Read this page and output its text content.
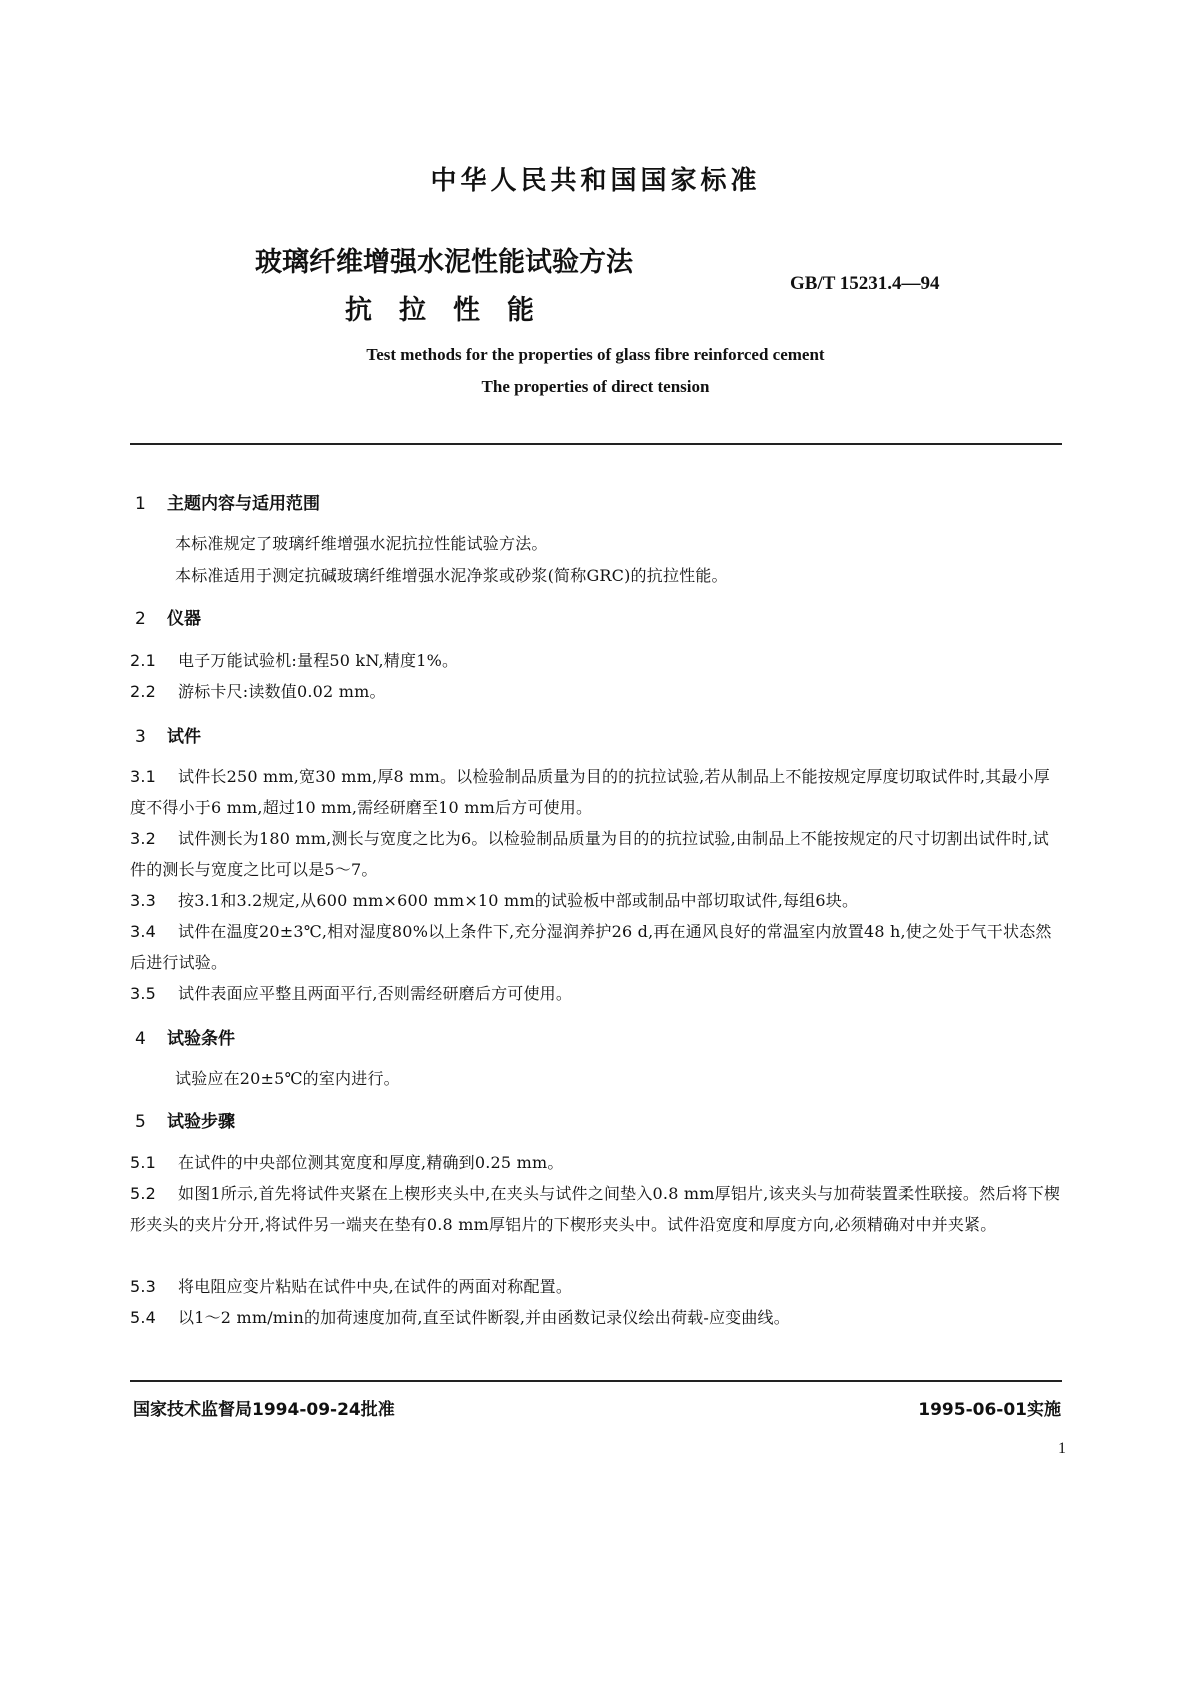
中华人民共和国国家标准
玻璃纤维增强水泥性能试验方法
抗　拉　性　能
GB/T 15231.4—94
Test methods for the properties of glass fibre reinforced cement
The properties of direct tension
1 主题内容与适用范围
本标准规定了玻璃纤维增强水泥抗拉性能试验方法。
本标准适用于测定抗碱玻璃纤维增强水泥净浆或砂浆(简称GRC)的抗拉性能。
2 仪器
2.1 电子万能试验机:量程50 kN,精度1%。
2.2 游标卡尺:读数值0.02 mm。
3 试件
3.1 试件长250 mm,宽30 mm,厚8 mm。以检验制品质量为目的的抗拉试验,若从制品上不能按规定厚度切取试件时,其最小厚度不得小于6 mm,超过10 mm,需经研磨至10 mm后方可使用。
3.2 试件测长为180 mm,测长与宽度之比为6。以检验制品质量为目的的抗拉试验,由制品上不能按规定的尺寸切割出试件时,试件的测长与宽度之比可以是5～7。
3.3 按3.1和3.2规定,从600 mm×600 mm×10 mm的试验板中部或制品中部切取试件,每组6块。
3.4 试件在温度20±3℃,相对湿度80%以上条件下,充分湿润养护26 d,再在通风良好的常温室内放置48 h,使之处于气干状态然后进行试验。
3.5 试件表面应平整且两面平行,否则需经研磨后方可使用。
4 试验条件
试验应在20±5℃的室内进行。
5 试验步骤
5.1 在试件的中央部位测其宽度和厚度,精确到0.25 mm。
5.2 如图1所示,首先将试件夹紧在上楔形夹头中,在夹头与试件之间垫入0.8 mm厚铝片,该夹头与加荷装置柔性联接。然后将下楔形夹头的夹片分开,将试件另一端夹在垫有0.8 mm厚铝片的下楔形夹头中。试件沿宽度和厚度方向,必须精确对中并夹紧。
5.3 将电阻应变片粘贴在试件中央,在试件的两面对称配置。
5.4 以1～2 mm/min的加荷速度加荷,直至试件断裂,并由函数记录仪绘出荷载-应变曲线。
国家技术监督局1994-09-24批准	1995-06-01实施
1
